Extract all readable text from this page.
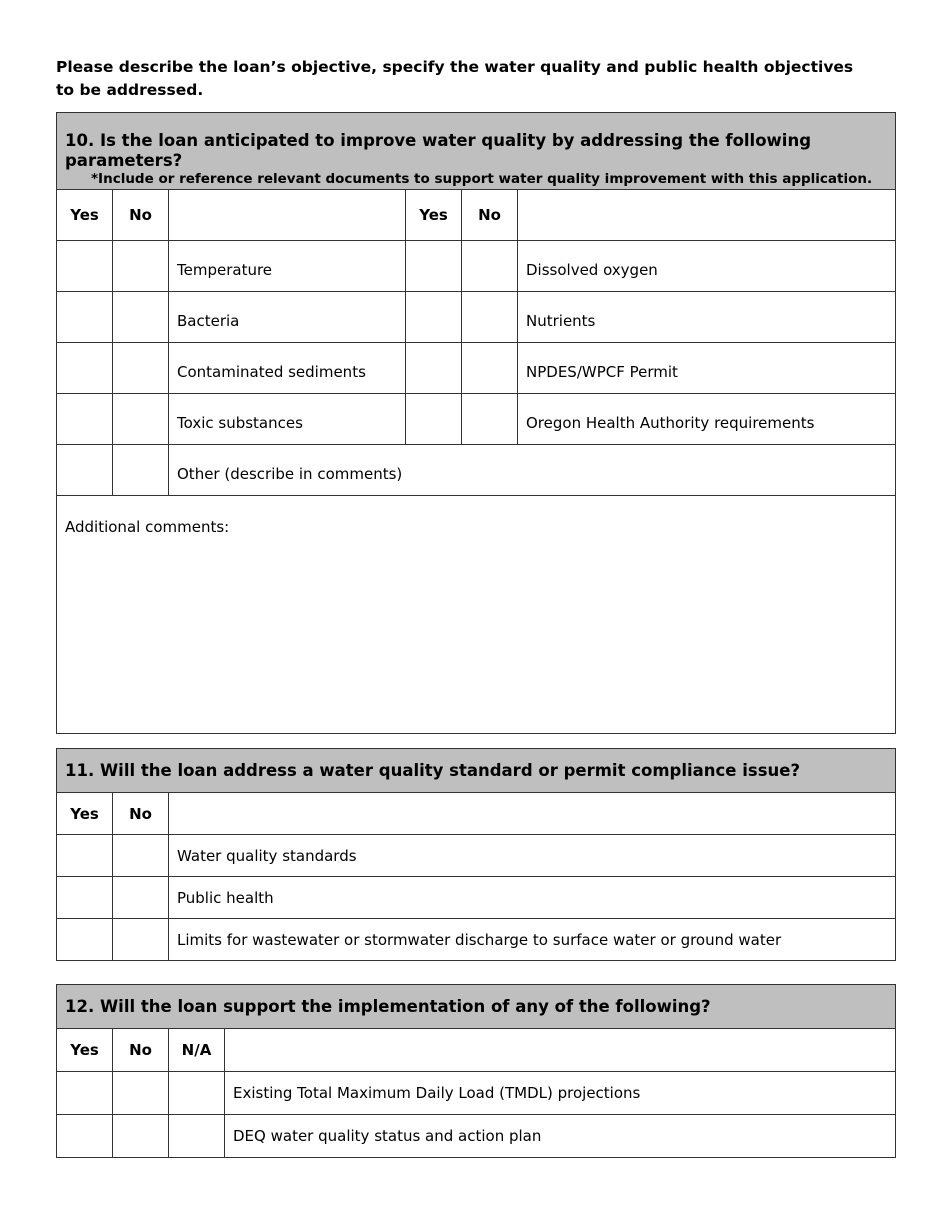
Please describe the loan’s objective, specify the water quality and public health objectives to be addressed.
10. Is the loan anticipated to improve water quality by addressing the following parameters?
*Include or reference relevant documents to support water quality improvement with this application.					

Yes	No		Yes	No	
		Temperature			Dissolved oxygen
		Bacteria			Nutrients
		Contaminated sediments			NPDES/WPCF Permit
		Toxic substances			Oregon Health Authority requirements
		Other (describe in comments)			
Additional comments:					
11. Will the loan address a water quality standard or permit compliance issue?		
Yes	No	
		Water quality standards
		Public health
		Limits for wastewater or stormwater discharge to surface water or ground water
12. Will the loan support the implementation of any of the following?			
Yes	No	N/A	
			Existing Total Maximum Daily Load (TMDL) projections
			DEQ water quality status and action plan
